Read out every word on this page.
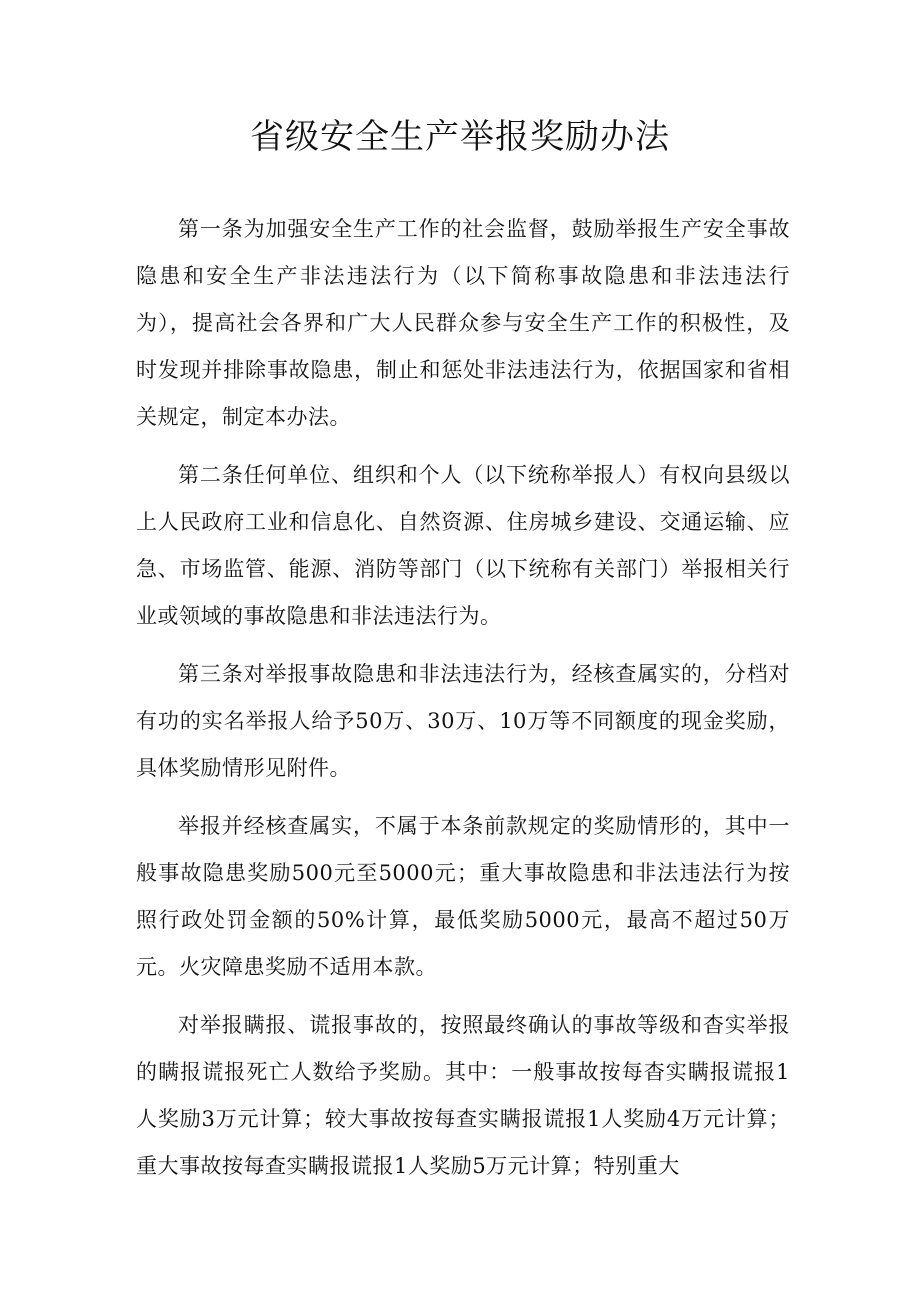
省级安全生产举报奖励办法

第一条为加强安全生产工作的社会监督，鼓励举报生产安全事故隐患和安全生产非法违法行为（以下简称事故隐患和非法违法行为），提高社会各界和广大人民群众参与安全生产工作的积极性，及时发现并排除事故隐患，制止和惩处非法违法行为，依据国家和省相关规定，制定本办法。

第二条任何单位、组织和个人（以下统称举报人）有权向县级以上人民政府工业和信息化、自然资源、住房城乡建设、交通运输、应急、市场监管、能源、消防等部门（以下统称有关部门）举报相关行业或领域的事故隐患和非法违法行为。

第三条对举报事故隐患和非法违法行为，经核查属实的，分档对有功的实名举报人给予50万、30万、10万等不同额度的现金奖励，具体奖励情形见附件。

举报并经核查属实，不属于本条前款规定的奖励情形的，其中一般事故隐患奖励500元至5000元；重大事故隐患和非法违法行为按照行政处罚金额的50%计算，最低奖励5000元，最高不超过50万元。火灾障患奖励不适用本款。

对举报瞒报、谎报事故的，按照最终确认的事故等级和杳实举报的瞒报谎报死亡人数给予奖励。其中：一般事故按每杳实瞒报谎报1人奖励3万元计算；较大事故按每查实瞒报谎报1人奖励4万元计算；重大事故按每查实瞒报谎报1人奖励5万元计算；特别重大
